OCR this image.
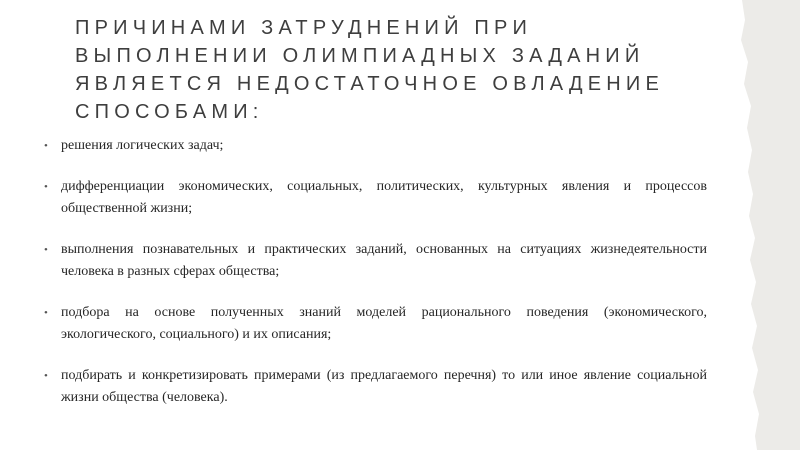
ПРИЧИНАМИ ЗАТРУДНЕНИЙ ПРИ
ВЫПОЛНЕНИИ ОЛИМПИАДНЫХ ЗАДАНИЙ
ЯВЛЯЕТСЯ НЕДОСТАТОЧНОЕ ОВЛАДЕНИЕ
СПОСОБАМИ:
• решения логических задач;
• дифференциации экономических, социальных, политических, культурных явления и процессов общественной жизни;
• выполнения познавательных и практических заданий, основанных на ситуациях жизнедеятельности человека в разных сферах общества;
• подбора на основе полученных знаний моделей рационального поведения (экономического, экологического, социального) и их описания;
• подбирать и конкретизировать примерами (из предлагаемого перечня) то или иное явление социальной жизни общества (человека).
